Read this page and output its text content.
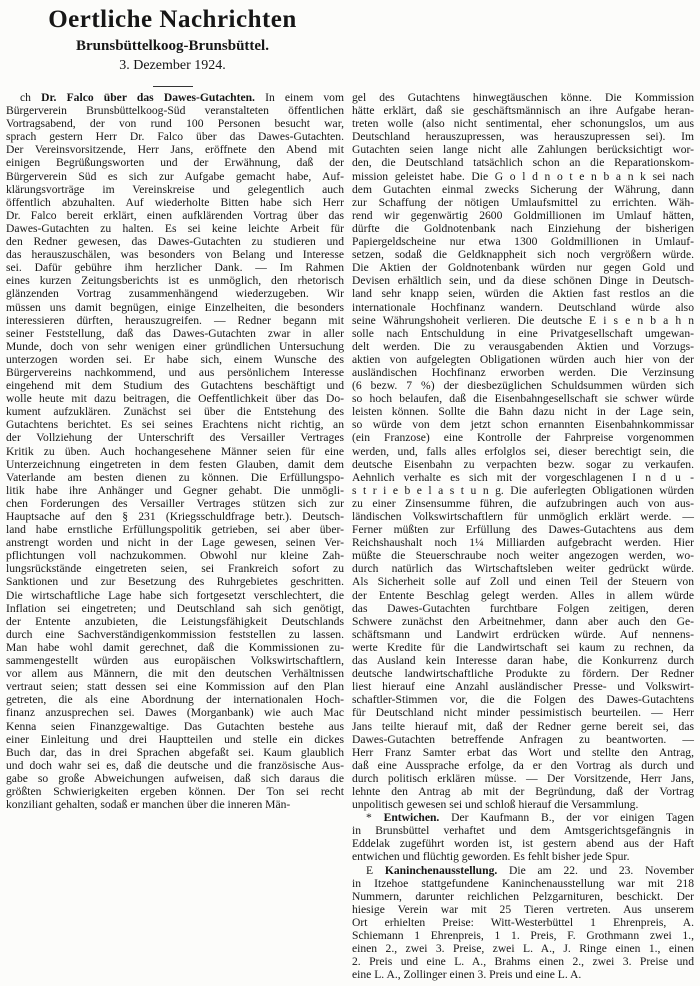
Oertliche Nachrichten
Brunsbüttelkoog-Brunsbüttel.
3. Dezember 1924.
ch Dr. Falco über das Dawes-Gutachten. In einem vom
Bürgerverein Brunsbüttelkoog-Süd veranstalteten öffentlichen
Vortragsabend, der von rund 100 Personen besucht war,
sprach gestern Herr Dr. Falco über das Dawes-Gutachten.
Der Vereinsvorsitzende, Herr Jans, eröffnete den Abend mit
einigen Begrüßungsworten und der Erwähnung, daß der
Bürgerverein Süd es sich zur Aufgabe gemacht habe, Auf-
klärungsvorträge im Vereinskreise und gelegentlich auch
öffentlich abzuhalten. Auf wiederholte Bitten habe sich Herr
Dr. Falco bereit erklärt, einen aufklärenden Vortrag über das
Dawes-Gutachten zu halten. Es sei keine leichte Arbeit für
den Redner gewesen, das Dawes-Gutachten zu studieren und
das herauszuschälen, was besonders von Belang und Interesse
sei. Dafür gebühre ihm herzlicher Dank. — Im Rahmen
eines kurzen Zeitungsberichts ist es unmöglich, den rhetorisch
glänzenden Vortrag zusammenhängend wiederzugeben. Wir
müssen uns damit begnügen, einige Einzelheiten, die besonders
interessieren dürften, herauszugreifen. — Redner begann mit
seiner Feststellung, daß das Dawes-Gutachten zwar in aller
Munde, doch von sehr wenigen einer gründlichen Untersuchung
unterzogen worden sei. Er habe sich, einem Wunsche des
Bürgervereins nachkommend, und aus persönlichem Interesse
eingehend mit dem Studium des Gutachtens beschäftigt und
wolle heute mit dazu beitragen, die Oeffentlichkeit über das Do-
kument aufzuklären. Zunächst sei über die Entstehung des
Gutachtens berichtet. Es sei seines Erachtens nicht richtig, an
der Vollziehung der Unterschrift des Versailler Vertrages
Kritik zu üben. Auch hochangesehene Männer seien für eine
Unterzeichnung eingetreten in dem festen Glauben, damit dem
Vaterlande am besten dienen zu können. Die Erfüllungspo-
litik habe ihre Anhänger und Gegner gehabt. Die unmögli-
chen Forderungen des Versailler Vertrages stützen sich zur
Hauptsache auf den § 231 (Kriegsschuldfrage betr.). Deutsch-
land habe ernstliche Erfüllungspolitik getrieben, sei aber über-
anstrengt worden und nicht in der Lage gewesen, seinen Ver-
pflichtungen voll nachzukommen. Obwohl nur kleine Zah-
lungsrückstände eingetreten seien, sei Frankreich sofort zu
Sanktionen und zur Besetzung des Ruhrgebietes geschritten.
Die wirtschaftliche Lage habe sich fortgesetzt verschlechtert, die
Inflation sei eingetreten; und Deutschland sah sich genötigt,
der Entente anzubieten, die Leistungsfähigkeit Deutschlands
durch eine Sachverständigenkommission feststellen zu lassen.
Man habe wohl damit gerechnet, daß die Kommissionen zu-
sammengestellt würden aus europäischen Volkswirtschaftlern,
vor allem aus Männern, die mit den deutschen Verhältnissen
vertraut seien; statt dessen sei eine Kommission auf den Plan
getreten, die als eine Abordnung der internationalen Hoch-
finanz anzusprechen sei. Dawes (Morganbank) wie auch Mac
Kenna seien Finanzgewaltige. Das Gutachten bestehe aus
einer Einleitung und drei Hauptteilen und stelle ein dickes
Buch dar, das in drei Sprachen abgefaßt sei. Kaum glaublich
und doch wahr sei es, daß die deutsche und die französische Aus-
gabe so große Abweichungen aufweisen, daß sich daraus die
größten Schwierigkeiten ergeben können. Der Ton sei recht
konziliant gehalten, sodaß er manchen über die inneren Män-
gel des Gutachtens hinwegtäuschen könne. Die Kommission
hätte erklärt, daß sie geschäftsmännisch an ihre Aufgabe heran-
treten wolle (also nicht sentimental, eher schonungslos, um aus
Deutschland herauszupressen, was herauszupressen sei). Im
Gutachten seien lange nicht alle Zahlungen berücksichtigt wor-
den, die Deutschland tatsächlich schon an die Reparationskom-
mission geleistet habe. Die G o l d n o t e n b a n k sei nach
dem Gutachten einmal zwecks Sicherung der Währung, dann
zur Schaffung der nötigen Umlaufsmittel zu errichten. Wäh-
rend wir gegenwärtig 2600 Goldmillionen im Umlauf hätten,
dürfte die Goldnotenbank nach Einziehung der bisherigen
Papiergeldscheine nur etwa 1300 Goldmillionen in Umlauf-
setzen, sodaß die Geldknappheit sich noch vergrößern würde.
Die Aktien der Goldnotenbank würden nur gegen Gold und
Devisen erhältlich sein, und da diese schönen Dinge in Deutsch-
land sehr knapp seien, würden die Aktien fast restlos an die
internationale Hochfinanz wandern. Deutschland würde also
seine Währungshoheit verlieren. Die deutsche E i s e n b a h n
solle nach Entschuldung in eine Privatgesellschaft umgewan-
delt werden. Die zu verausgabenden Aktien und Vorzugs-
aktien von aufgelegten Obligationen würden auch hier von der
ausländischen Hochfinanz erworben werden. Die Verzinsung
(6 bezw. 7 %) der diesbezüglichen Schuldsummen würden sich
so hoch belaufen, daß die Eisenbahngesellschaft sie schwer würde
leisten können. Sollte die Bahn dazu nicht in der Lage sein,
so würde von dem jetzt schon ernannten Eisenbahnkommissar
(ein Franzose) eine Kontrolle der Fahrpreise vorgenommen
werden, und, falls alles erfolglos sei, dieser berechtigt sein, die
deutsche Eisenbahn zu verpachten bezw. sogar zu verkaufen.
Aehnlich verhalte es sich mit der vorgeschlagenen I n d u -
s t r i e b e l a s t u n g. Die auferlegten Obligationen würden
zu einer Zinsensumme führen, die aufzubringen auch von aus-
ländischen Volkswirtschaftlern für unmöglich erklärt werde. —
Ferner müßten zur Erfüllung des Dawes-Gutachtens aus dem
Reichshaushalt noch 1¼ Milliarden aufgebracht werden. Hier
müßte die Steuerschraube noch weiter angezogen werden, wo-
durch natürlich das Wirtschaftsleben weiter gedrückt würde.
Als Sicherheit solle auf Zoll und einen Teil der Steuern von
der Entente Beschlag gelegt werden. Alles in allem würde
das Dawes-Gutachten furchtbare Folgen zeitigen, deren
Schwere zunächst den Arbeitnehmer, dann aber auch den Ge-
schäftsmann und Landwirt erdrücken würde. Auf nennens-
werte Kredite für die Landwirtschaft sei kaum zu rechnen, da
das Ausland kein Interesse daran habe, die Konkurrenz durch
deutsche landwirtschaftliche Produkte zu fördern. Der Redner
liest hierauf eine Anzahl ausländischer Presse- und Volkswirt-
schaftler-Stimmen vor, die die Folgen des Dawes-Gutachtens
für Deutschland nicht minder pessimistisch beurteilen. — Herr
Jans teilte hierauf mit, daß der Redner gerne bereit sei, das
Dawes-Gutachten betreffende Anfragen zu beantworten. —
Herr Franz Samter erbat das Wort und stellte den Antrag,
daß eine Aussprache erfolge, da er den Vortrag als durch und
durch politisch erklären müsse. — Der Vorsitzende, Herr Jans,
lehnte den Antrag ab mit der Begründung, daß der Vortrag
unpolitisch gewesen sei und schloß hierauf die Versammlung.
* Entwichen. Der Kaufmann B., der vor einigen Tagen
in Brunsbüttel verhaftet und dem Amtsgerichtsgefängnis in
Eddelak zugeführt worden ist, ist gestern abend aus der Haft
entwichen und flüchtig geworden. Es fehlt bisher jede Spur.
E Kaninchenausstellung. Die am 22. und 23. November
in Itzehoe stattgefundene Kaninchenausstellung war mit 218
Nummern, darunter reichlichen Pelzgarnituren, beschickt. Der
hiesige Verein war mit 25 Tieren vertreten. Aus unserem
Ort erhielten Preise: Witt-Westerbüttel 1 Ehrenpreis, A.
Schiemann 1 Ehrenpreis, 1 1. Preis, F. Grothmann zwei 1.,
einen 2., zwei 3. Preise, zwei L. A., J. Ringe einen 1., einen
2. Preis und eine L. A., Brahms einen 2., zwei 3. Preise und
eine L. A., Zollinger einen 3. Preis und eine L. A.
